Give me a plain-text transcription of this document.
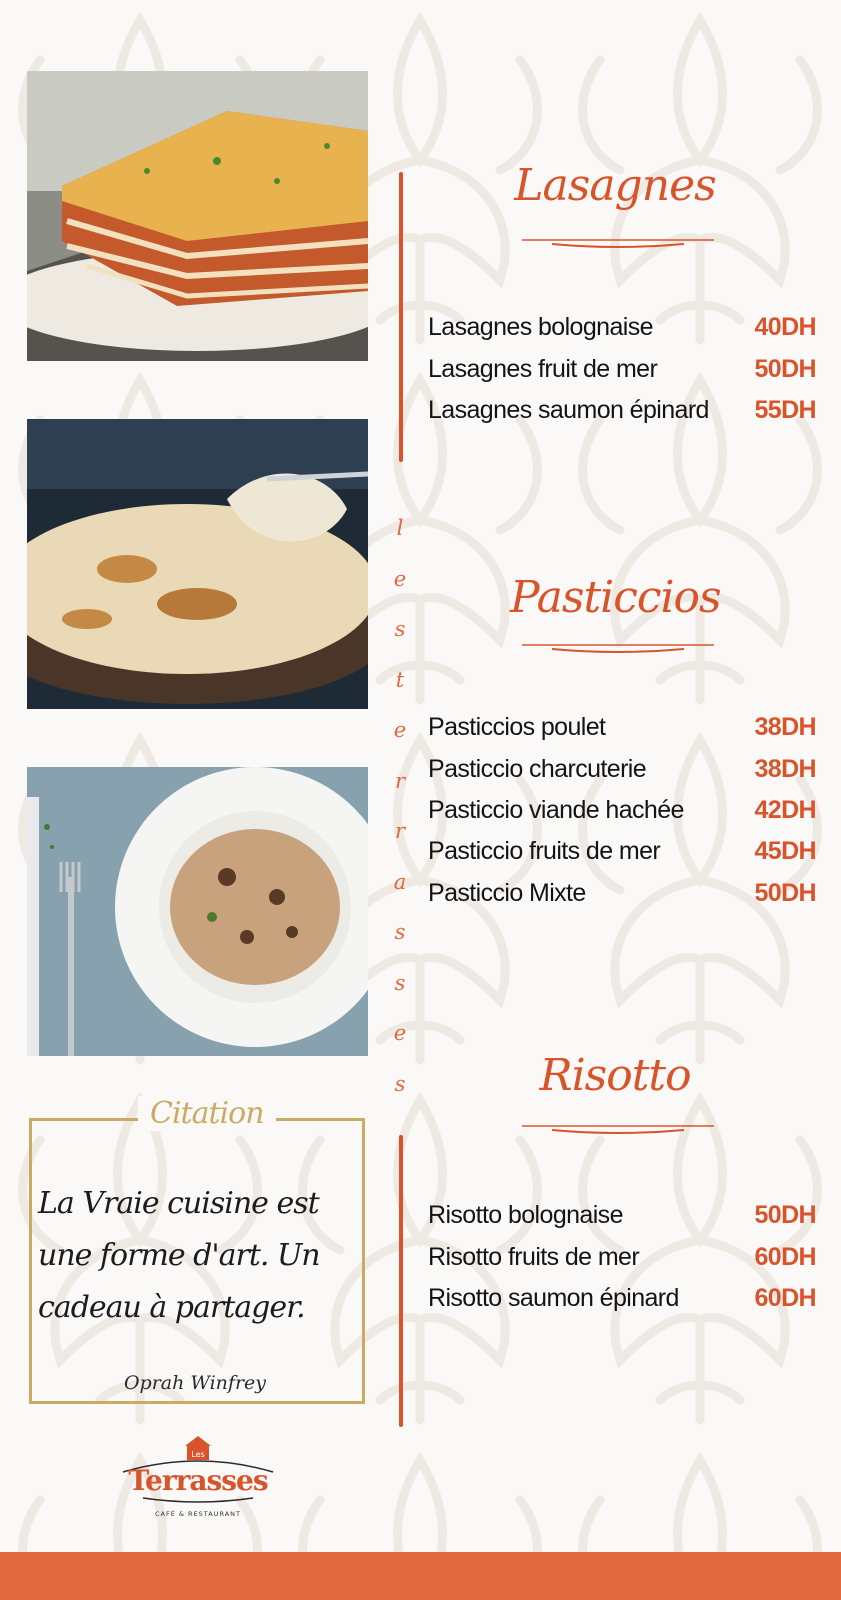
l
e
s
t
e
r
r
a
s
s
e
s
Lasagnes
Lasagnes bolognaise	40DH
Lasagnes fruit de mer	50DH
Lasagnes saumon épinard 55DH
Pasticcios
Pasticcios poulet	38DH
Pasticcio charcuterie	38DH
Pasticcio viande hachée	42DH
Pasticcio fruits de mer	45DH
Pasticcio Mixte	50DH
Risotto
Risotto bolognaise	50DH
Risotto fruits de mer	60DH
Risotto saumon épinard	60DH
Citation
La Vraie cuisine est une forme d'art. Un cadeau à partager.
Oprah Winfrey
Les
Terrasses
CAFÉ & RESTAURANT
